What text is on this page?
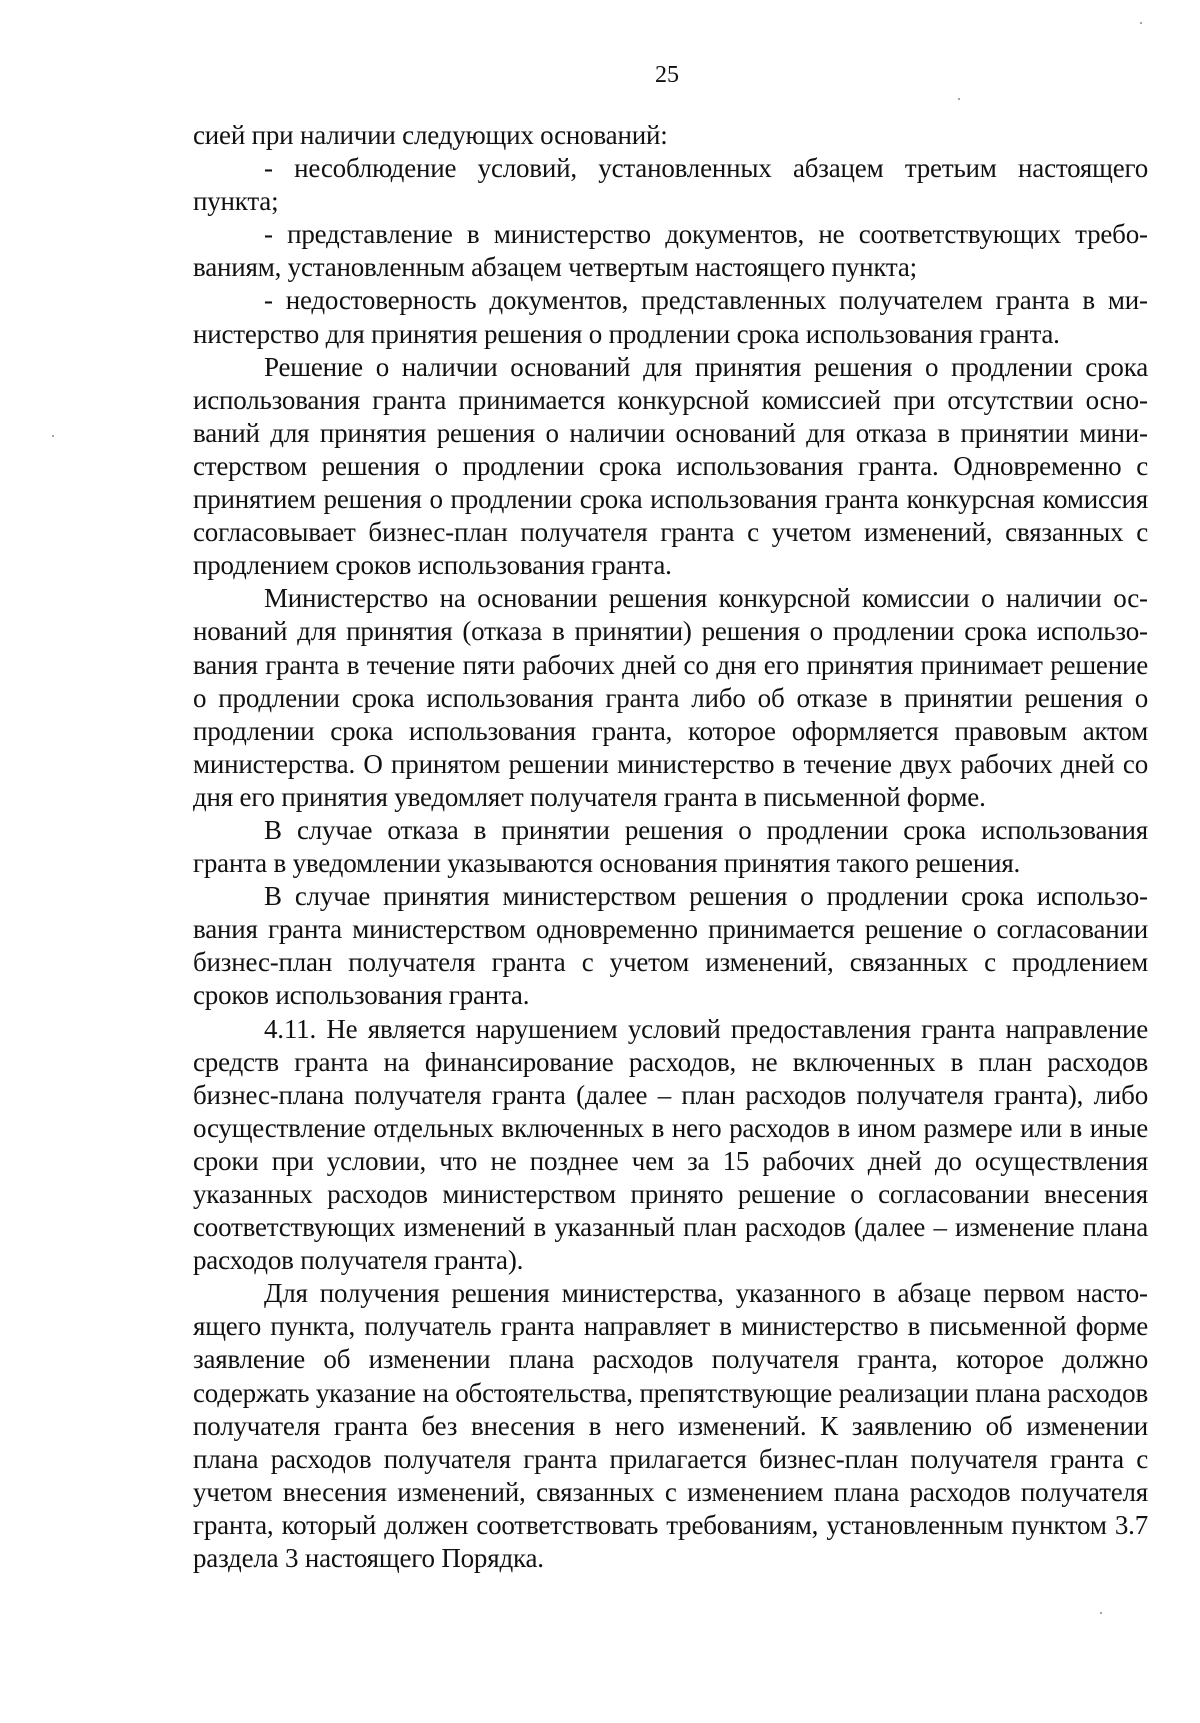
25

сией при наличии следующих оснований:

- несоблюдение условий, установленных абзацем третьим настоящего пункта;

- представление в министерство документов, не соответствующих требованиям, установленным абзацем четвертым настоящего пункта;

- недостоверность документов, представленных получателем гранта в министерство для принятия решения о продлении срока использования гранта.

Решение о наличии оснований для принятия решения о продлении срока использования гранта принимается конкурсной комиссией при отсутствии оснований для принятия решения о наличии оснований для отказа в принятии министерством решения о продлении срока использования гранта. Одновременно с принятием решения о продлении срока использования гранта конкурсная комиссия согласовывает бизнес-план получателя гранта с учетом изменений, связанных с продлением сроков использования гранта.

Министерство на основании решения конкурсной комиссии о наличии оснований для принятия (отказа в принятии) решения о продлении срока использования гранта в течение пяти рабочих дней со дня его принятия принимает решение о продлении срока использования гранта либо об отказе в принятии решения о продлении срока использования гранта, которое оформляется правовым актом министерства. О принятом решении министерство в течение двух рабочих дней со дня его принятия уведомляет получателя гранта в письменной форме.

В случае отказа в принятии решения о продлении срока использования гранта в уведомлении указываются основания принятия такого решения.

В случае принятия министерством решения о продлении срока использования гранта министерством одновременно принимается решение о согласовании бизнес-план получателя гранта с учетом изменений, связанных с продлением сроков использования гранта.

4.11. Не является нарушением условий предоставления гранта направление средств гранта на финансирование расходов, не включенных в план расходов бизнес-плана получателя гранта (далее – план расходов получателя гранта), либо осуществление отдельных включенных в него расходов в ином размере или в иные сроки при условии, что не позднее чем за 15 рабочих дней до осуществления указанных расходов министерством принято решение о согласовании внесения соответствующих изменений в указанный план расходов (далее – изменение плана расходов получателя гранта).

Для получения решения министерства, указанного в абзаце первом настоящего пункта, получатель гранта направляет в министерство в письменной форме заявление об изменении плана расходов получателя гранта, которое должно содержать указание на обстоятельства, препятствующие реализации плана расходов получателя гранта без внесения в него изменений. К заявлению об изменении плана расходов получателя гранта прилагается бизнес-план получателя гранта с учетом внесения изменений, связанных с изменением плана расходов получателя гранта, который должен соответствовать требованиям, установленным пунктом 3.7 раздела 3 настоящего Порядка.
